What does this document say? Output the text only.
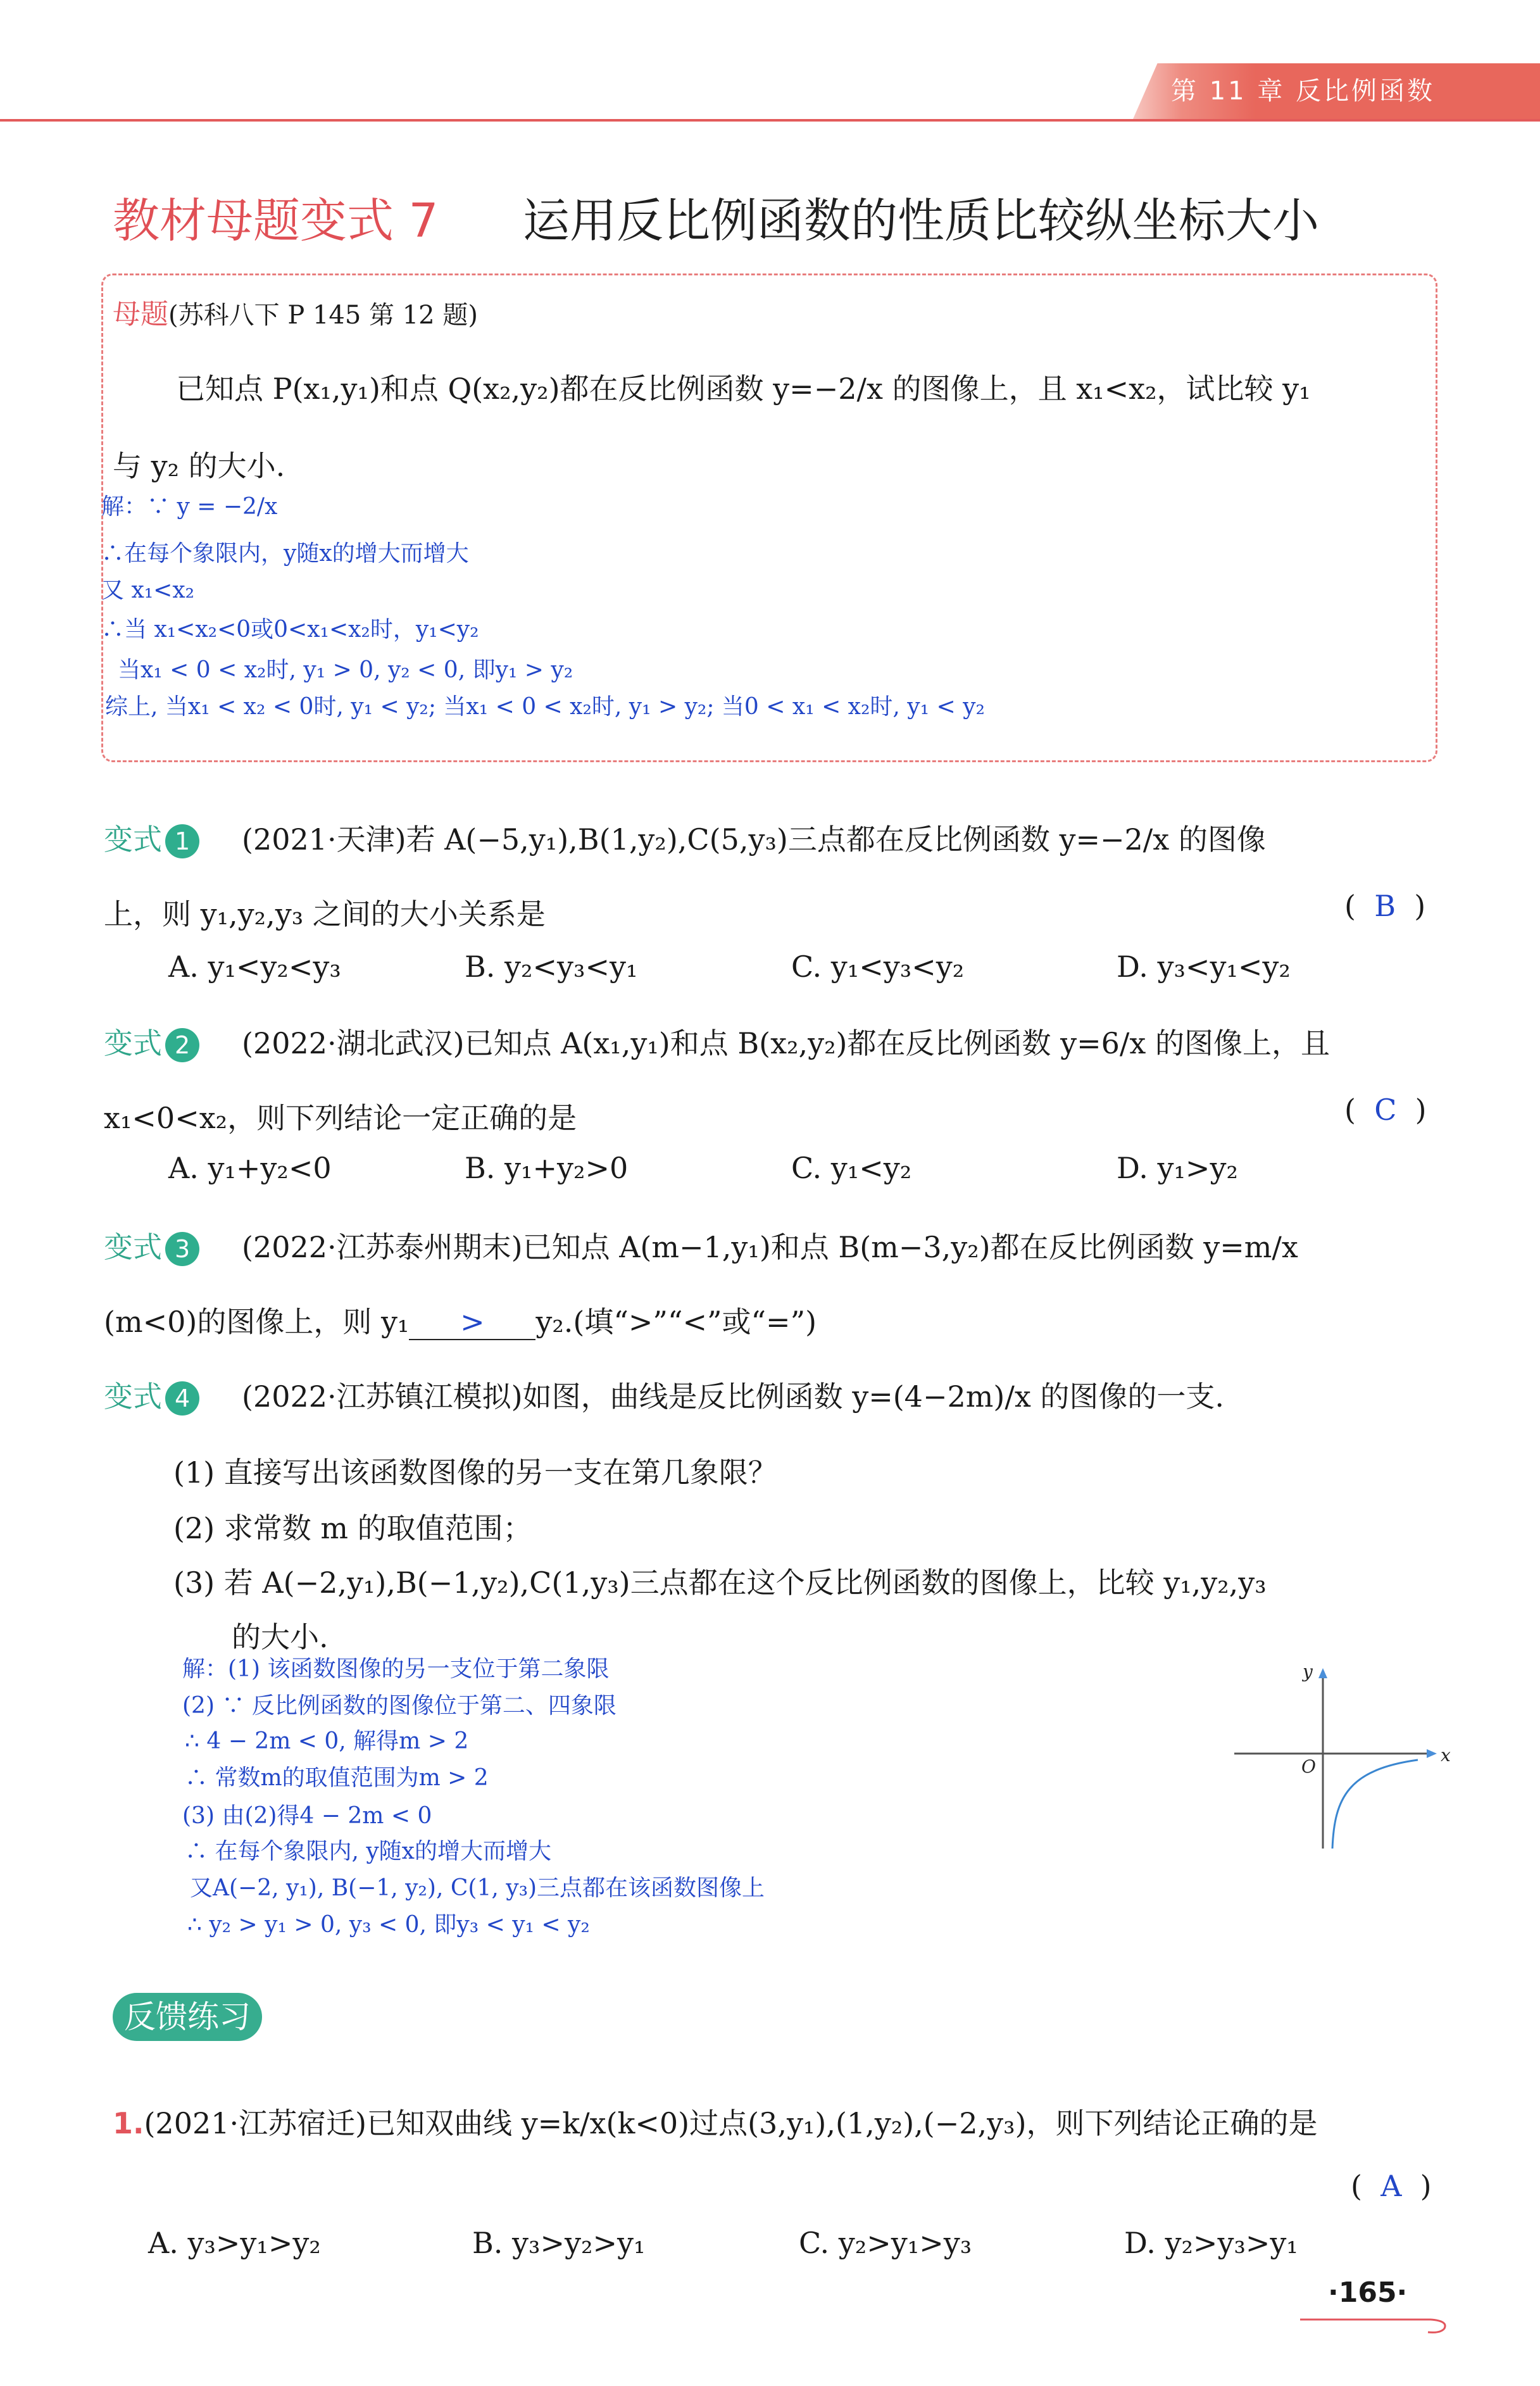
第 11 章 反比例函数
教材母题变式 7 运用反比例函数的性质比较纵坐标大小
母题(苏科八下 P 145 第 12 题)
已知点 P(x₁,y₁)和点 Q(x₂,y₂)都在反比例函数 y=−2/x 的图像上，且 x₁<x₂，试比较 y₁
与 y₂ 的大小.
解：∵ y = −2/x
∴在每个象限内，y随x的增大而增大
又 x₁<x₂
∴当 x₁<x₂<0或0<x₁<x₂时，y₁<y₂
当x₁ < 0 < x₂时, y₁ > 0, y₂ < 0, 即y₁ > y₂
综上, 当x₁ < x₂ < 0时, y₁ < y₂; 当x₁ < 0 < x₂时, y₁ > y₂; 当0 < x₁ < x₂时, y₁ < y₂
变式 1	(2021·天津)若 A(−5,y₁),B(1,y₂),C(5,y₃)三点都在反比例函数 y=−2/x 的图像
上，则 y₁,y₂,y₃ 之间的大小关系是	(  B  )
A. y₁<y₂<y₃	B. y₂<y₃<y₁	C. y₁<y₃<y₂	D. y₃<y₁<y₂
变式 2	(2022·湖北武汉)已知点 A(x₁,y₁)和点 B(x₂,y₂)都在反比例函数 y=6/x 的图像上，且
x₁<0<x₂，则下列结论一定正确的是	(  C  )
A. y₁+y₂<0	B. y₁+y₂>0	C. y₁<y₂	D. y₁>y₂
变式 3	(2022·江苏泰州期末)已知点 A(m−1,y₁)和点 B(m−3,y₂)都在反比例函数 y=m/x
(m<0)的图像上，则 y₁ > y₂.(填“>”“<”或“=”)
变式 4	(2022·江苏镇江模拟)如图，曲线是反比例函数 y=(4−2m)/x 的图像的一支.
(1) 直接写出该函数图像的另一支在第几象限？
(2) 求常数 m 的取值范围；
(3) 若 A(−2,y₁),B(−1,y₂),C(1,y₃)三点都在这个反比例函数的图像上，比较 y₁,y₂,y₃
的大小.
解：(1) 该函数图像的另一支位于第二象限
(2) ∵ 反比例函数的图像位于第二、四象限
∴ 4 − 2m < 0, 解得m > 2
∴ 常数m的取值范围为m > 2
(3) 由(2)得4 − 2m < 0
∴ 在每个象限内, y随x的增大而增大
又A(−2, y₁), B(−1, y₂), C(1, y₃)三点都在该函数图像上
∴ y₂ > y₁ > 0, y₃ < 0, 即y₃ < y₁ < y₂
x
y
O
反馈练习
1.(2021·江苏宿迁)已知双曲线 y=k/x(k<0)过点(3,y₁),(1,y₂),(−2,y₃)，则下列结论正确的是
(  A  )
A. y₃>y₁>y₂	B. y₃>y₂>y₁	C. y₂>y₁>y₃	D. y₂>y₃>y₁
·165·
